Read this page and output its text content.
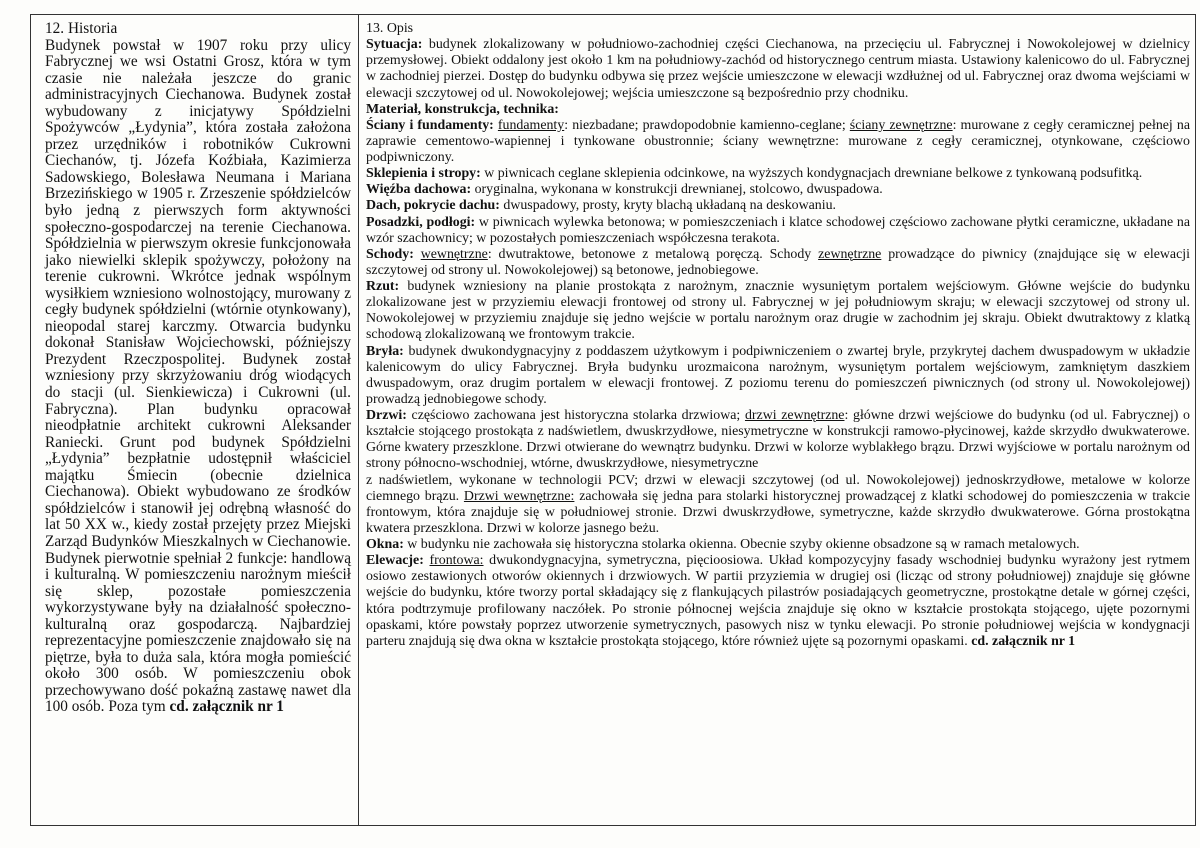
12. Historia
Budynek powstał w 1907 roku przy ulicy Fabrycznej we wsi Ostatni Grosz, która w tym czasie nie należała jeszcze do granic administracyjnych Ciechanowa. Budynek został wybudowany z inicjatywy Spółdzielni Spożywców „Łydynia”, która została założona przez urzędników i robotników Cukrowni Ciechanów, tj. Józefa Koźbiała, Kazimierza Sadowskiego, Bolesława Neumana i Mariana Brzezińskiego w 1905 r. Zrzeszenie spółdzielców było jedną z pierwszych form aktywności społeczno-gospodarczej na terenie Ciechanowa. Spółdzielnia w pierwszym okresie funkcjonowała jako niewielki sklepik spożywczy, położony na terenie cukrowni. Wkrótce jednak wspólnym wysiłkiem wzniesiono wolnostojący, murowany z cegły budynek spółdzielni (wtórnie otynkowany), nieopodal starej karczmy. Otwarcia budynku dokonał Stanisław Wojciechowski, późniejszy Prezydent Rzeczpospolitej. Budynek został wzniesiony przy skrzyżowaniu dróg wiodących do stacji (ul. Sienkiewicza) i Cukrowni (ul. Fabryczna). Plan budynku opracował nieodpłatnie architekt cukrowni Aleksander Raniecki. Grunt pod budynek Spółdzielni „Łydynia” bezpłatnie udostępnił właściciel majątku Śmiecin (obecnie dzielnica Ciechanowa). Obiekt wybudowano ze środków spółdzielców i stanowił jej odrębną własność do lat 50 XX w., kiedy został przejęty przez Miejski Zarząd Budynków Mieszkalnych w Ciechanowie. Budynek pierwotnie spełniał 2 funkcje: handlową i kulturalną. W pomieszczeniu narożnym mieścił się sklep, pozostałe pomieszczenia wykorzystywane były na działalność społeczno-kulturalną oraz gospodarczą. Najbardziej reprezentacyjne pomieszczenie znajdowało się na piętrze, była to duża sala, która mogła pomieścić około 300 osób. W pomieszczeniu obok przechowywano dość pokaźną zastawę nawet dla 100 osób. Poza tym cd. załącznik nr 1
13. Opis

Sytuacja: budynek zlokalizowany w południowo-zachodniej części Ciechanowa, na przecięciu ul. Fabrycznej i Nowokolejowej w dzielnicy przemysłowej. Obiekt oddalony jest około 1 km na południowy-zachód od historycznego centrum miasta. Ustawiony kalenicowo do ul. Fabrycznej w zachodniej pierzei. Dostęp do budynku odbywa się przez wejście umieszczone w elewacji wzdłużnej od ul. Fabrycznej oraz dwoma wejściami w elewacji szczytowej od ul. Nowokolejowej; wejścia umieszczone są bezpośrednio przy chodniku.

Materiał, konstrukcja, technika:

Ściany i fundamenty: fundamenty: niezbadane; prawdopodobnie kamienno-ceglane; ściany zewnętrzne: murowane z cegły ceramicznej pełnej na zaprawie cementowo-wapiennej i tynkowane obustronnie; ściany wewnętrzne: murowane z cegły ceramicznej, otynkowane, częściowo podpiwniczony.

Sklepienia i stropy: w piwnicach ceglane sklepienia odcinkowe, na wyższych kondygnacjach drewniane belkowe z tynkowaną podsufitką.

Więźba dachowa: oryginalna, wykonana w konstrukcji drewnianej, stolcowo, dwuspadowa.

Dach, pokrycie dachu: dwuspadowy, prosty, kryty blachą układaną na deskowaniu.

Posadzki, podłogi: w piwnicach wylewka betonowa; w pomieszczeniach i klatce schodowej częściowo zachowane płytki ceramiczne, układane na wzór szachownicy; w pozostałych pomieszczeniach współczesna terakota.

Schody: wewnętrzne: dwutraktowe, betonowe z metalową poręczą. Schody zewnętrzne prowadzące do piwnicy (znajdujące się w elewacji szczytowej od strony ul. Nowokolejowej) są betonowe, jednobiegowe.

Rzut: budynek wzniesiony na planie prostokąta z narożnym, znacznie wysuniętym portalem wejściowym. Główne wejście do budynku zlokalizowane jest w przyziemiu elewacji frontowej od strony ul. Fabrycznej w jej południowym skraju; w elewacji szczytowej od strony ul. Nowokolejowej w przyziemiu znajduje się jedno wejście w portalu narożnym oraz drugie w zachodnim jej skraju. Obiekt dwutraktowy z klatką schodową zlokalizowaną we frontowym trakcie.

Bryła: budynek dwukondygnacyjny z poddaszem użytkowym i podpiwniczeniem o zwartej bryle, przykrytej dachem dwuspadowym w układzie kalenicowym do ulicy Fabrycznej. Bryła budynku urozmaicona narożnym, wysuniętym portalem wejściowym, zamkniętym daszkiem dwuspadowym, oraz drugim portalem w elewacji frontowej. Z poziomu terenu do pomieszczeń piwnicznych (od strony ul. Nowokolejowej) prowadzą jednobiegowe schody.

Drzwi: częściowo zachowana jest historyczna stolarka drzwiowa; drzwi zewnętrzne: główne drzwi wejściowe do budynku (od ul. Fabrycznej) o kształcie stojącego prostokąta z nadświetlem, dwuskrzydłowe, niesymetryczne w konstrukcji ramowo-płycinowej, każde skrzydło dwukwaterowe. Górne kwatery przeszklone. Drzwi otwierane do wewnątrz budynku. Drzwi w kolorze wyblakłego brązu. Drzwi wyjściowe w portalu narożnym od strony północno-wschodniej, wtórne, dwuskrzydłowe, niesymetryczne

z nadświetlem, wykonane w technologii PCV; drzwi w elewacji szczytowej (od ul. Nowokolejowej) jednoskrzydłowe, metalowe w kolorze ciemnego brązu. Drzwi wewnętrzne: zachowała się jedna para stolarki historycznej prowadzącej z klatki schodowej do pomieszczenia w trakcie frontowym, która znajduje się w południowej stronie. Drzwi dwuskrzydłowe, symetryczne, każde skrzydło dwukwaterowe. Górna prostokątna kwatera przeszklona. Drzwi w kolorze jasnego beżu.

Okna: w budynku nie zachowała się historyczna stolarka okienna. Obecnie szyby okienne obsadzone są w ramach metalowych.

Elewacje: frontowa: dwukondygnacyjna, symetryczna, pięcioosiowa. Układ kompozycyjny fasady wschodniej budynku wyrażony jest rytmem osiowo zestawionych otworów okiennych i drzwiowych. W partii przyziemia w drugiej osi (licząc od strony południowej) znajduje się główne wejście do budynku, które tworzy portal składający się z flankujących pilastrów posiadających geometryczne, prostokątne detale w górnej części, która podtrzymuje profilowany naczółek. Po stronie północnej wejścia znajduje się okno w kształcie prostokąta stojącego, ujęte pozornymi opaskami, które powstały poprzez utworzenie symetrycznych, pasowych nisz w tynku elewacji. Po stronie południowej wejścia w kondygnacji parteru znajdują się dwa okna w kształcie prostokąta stojącego, które również ujęte są pozornymi opaskami. cd. załącznik nr 1
